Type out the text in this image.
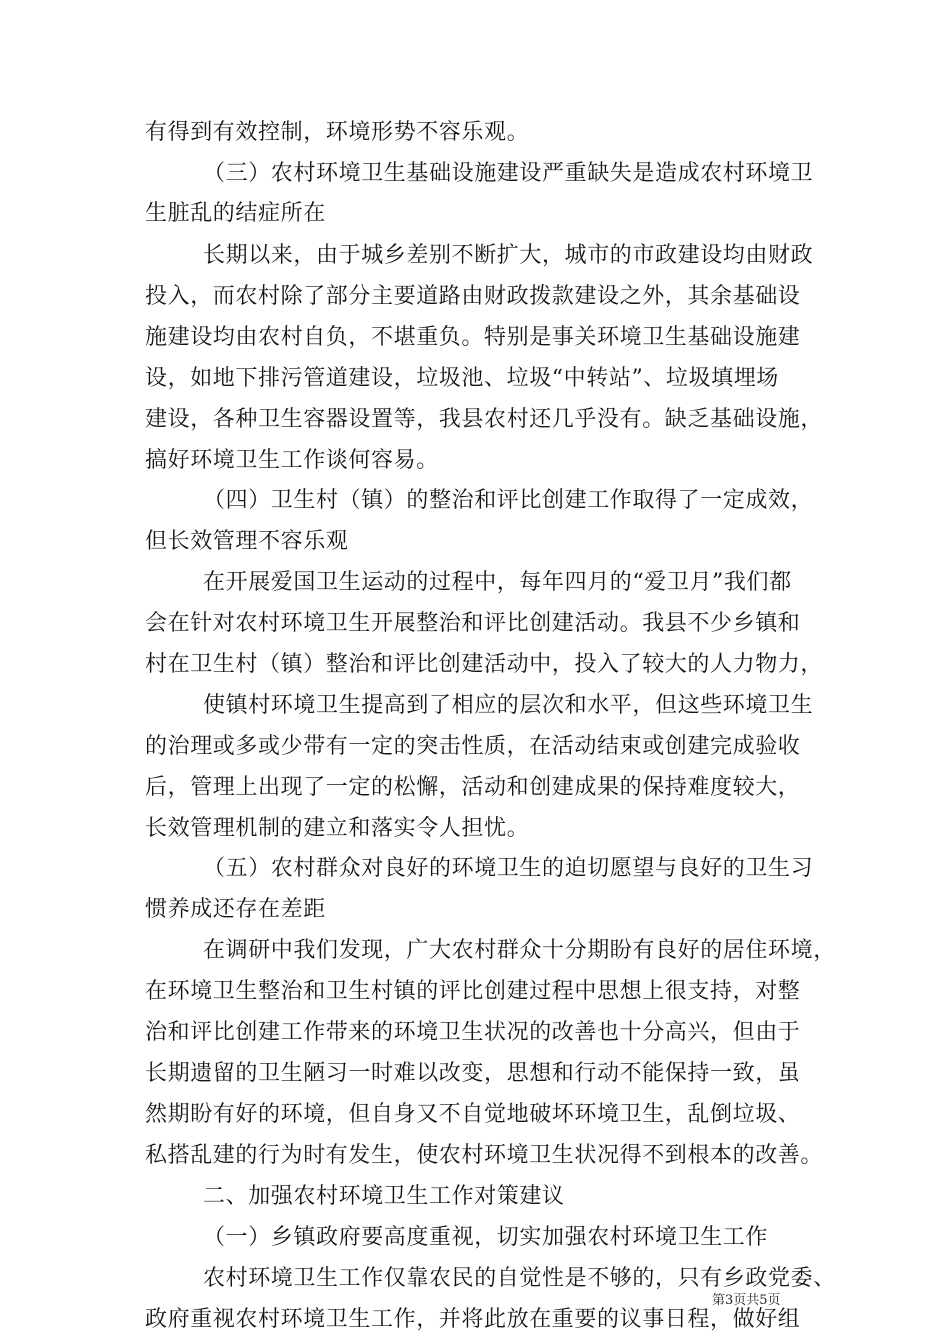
有得到有效控制，环境形势不容乐观。
（三）农村环境卫生基础设施建设严重缺失是造成农村环境卫
生脏乱的结症所在
长期以来，由于城乡差别不断扩大，城市的市政建设均由财政
投入，而农村除了部分主要道路由财政拨款建设之外，其余基础设
施建设均由农村自负，不堪重负。特别是事关环境卫生基础设施建
设，如地下排污管道建设，垃圾池、垃圾“中转站”、垃圾填埋场
建设，各种卫生容器设置等，我县农村还几乎没有。缺乏基础设施，
搞好环境卫生工作谈何容易。
（四）卫生村（镇）的整治和评比创建工作取得了一定成效，
但长效管理不容乐观
在开展爱国卫生运动的过程中，每年四月的“爱卫月”我们都
会在针对农村环境卫生开展整治和评比创建活动。我县不少乡镇和
村在卫生村（镇）整治和评比创建活动中，投入了较大的人力物力，
使镇村环境卫生提高到了相应的层次和水平，但这些环境卫生
的治理或多或少带有一定的突击性质，在活动结束或创建完成验收
后，管理上出现了一定的松懈，活动和创建成果的保持难度较大，
长效管理机制的建立和落实令人担忧。
（五）农村群众对良好的环境卫生的迫切愿望与良好的卫生习
惯养成还存在差距
在调研中我们发现，广大农村群众十分期盼有良好的居住环境，
在环境卫生整治和卫生村镇的评比创建过程中思想上很支持，对整
治和评比创建工作带来的环境卫生状况的改善也十分高兴，但由于
长期遗留的卫生陋习一时难以改变，思想和行动不能保持一致，虽
然期盼有好的环境，但自身又不自觉地破坏环境卫生，乱倒垃圾、
私搭乱建的行为时有发生，使农村环境卫生状况得不到根本的改善。
二、加强农村环境卫生工作对策建议
（一）乡镇政府要高度重视，切实加强农村环境卫生工作
农村环境卫生工作仅靠农民的自觉性是不够的，只有乡政党委、
政府重视农村环境卫生工作，并将此放在重要的议事日程，做好组
第3页共5页
